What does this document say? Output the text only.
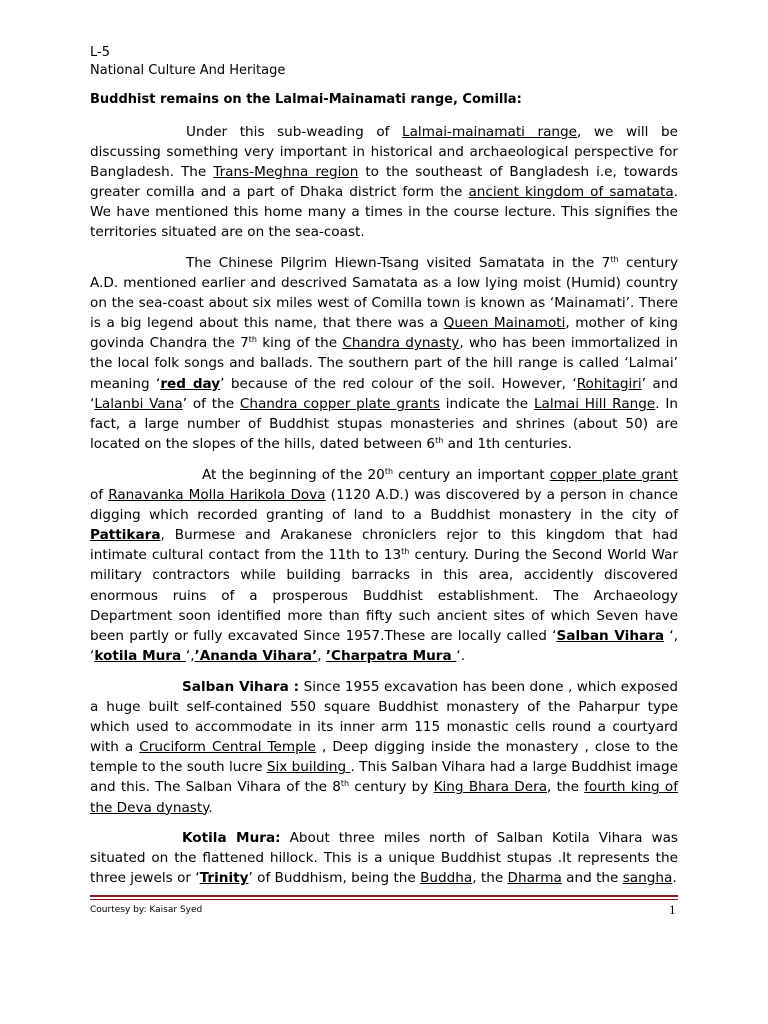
L-5
National Culture And Heritage
Buddhist remains on the Lalmai-Mainamati range, Comilla:

Under this sub-weading of Lalmai-mainamati range, we will be discussing something very important in historical and archaeological perspective for Bangladesh. The Trans-Meghna region to the southeast of Bangladesh i.e, towards greater comilla and a part of Dhaka district form the ancient kingdom of samatata. We have mentioned this home many a times in the course lecture. This signifies the territories situated are on the sea-coast.

The Chinese Pilgrim Hiewn-Tsang visited Samatata in the 7th century A.D. mentioned earlier and descrived Samatata as a low lying moist (Humid) country on the sea-coast about six miles west of Comilla town is known as ‘Mainamati’. There is a big legend about this name, that there was a Queen Mainamoti, mother of king govinda Chandra the 7th king of the Chandra dynasty, who has been immortalized in the local folk songs and ballads. The southern part of the hill range is called ‘Lalmai’ meaning ‘red day’ because of the red colour of the soil. However, ‘Rohitagiri’ and ‘Lalanbi Vana’ of the Chandra copper plate grants indicate the Lalmai Hill Range. In fact, a large number of Buddhist stupas monasteries and shrines (about 50) are located on the slopes of the hills, dated between 6th and 1th centuries.

At the beginning of the 20th century an important copper plate grant of Ranavanka Molla Harikola Dova (1120 A.D.) was discovered by a person in chance digging which recorded granting of land to a Buddhist monastery in the city of Pattikara, Burmese and Arakanese chroniclers rejor to this kingdom that had intimate cultural contact from the 11th to 13th century. During the Second World War military contractors while building barracks in this area, accidently discovered enormous ruins of a prosperous Buddhist establishment. The Archaeology Department soon identified more than fifty such ancient sites of which Seven have been partly or fully excavated Since 1957.These are locally called ‘Salban Vihara ‘, ‘kotila Mura ‘,’Ananda Vihara’, ’Charpatra Mura ‘.

Salban Vihara : Since 1955 excavation has been done , which exposed a huge built self-contained 550 square Buddhist monastery of the Paharpur type which used to accommodate in its inner arm 115 monastic cells round a courtyard with a Cruciform Central Temple , Deep digging inside the monastery , close to the temple to the south lucre Six building . This Salban Vihara had a large Buddhist image and this. The Salban Vihara of the 8th century by King Bhara Dera, the fourth king of the Deva dynasty.

Kotila Mura: About three miles north of Salban Kotila Vihara was situated on the flattened hillock. This is a unique Buddhist stupas .It represents the three jewels or ‘Trinity’ of Buddhism, being the Buddha, the Dharma and the sangha.

Courtesy by: Kaisar Syed	1
